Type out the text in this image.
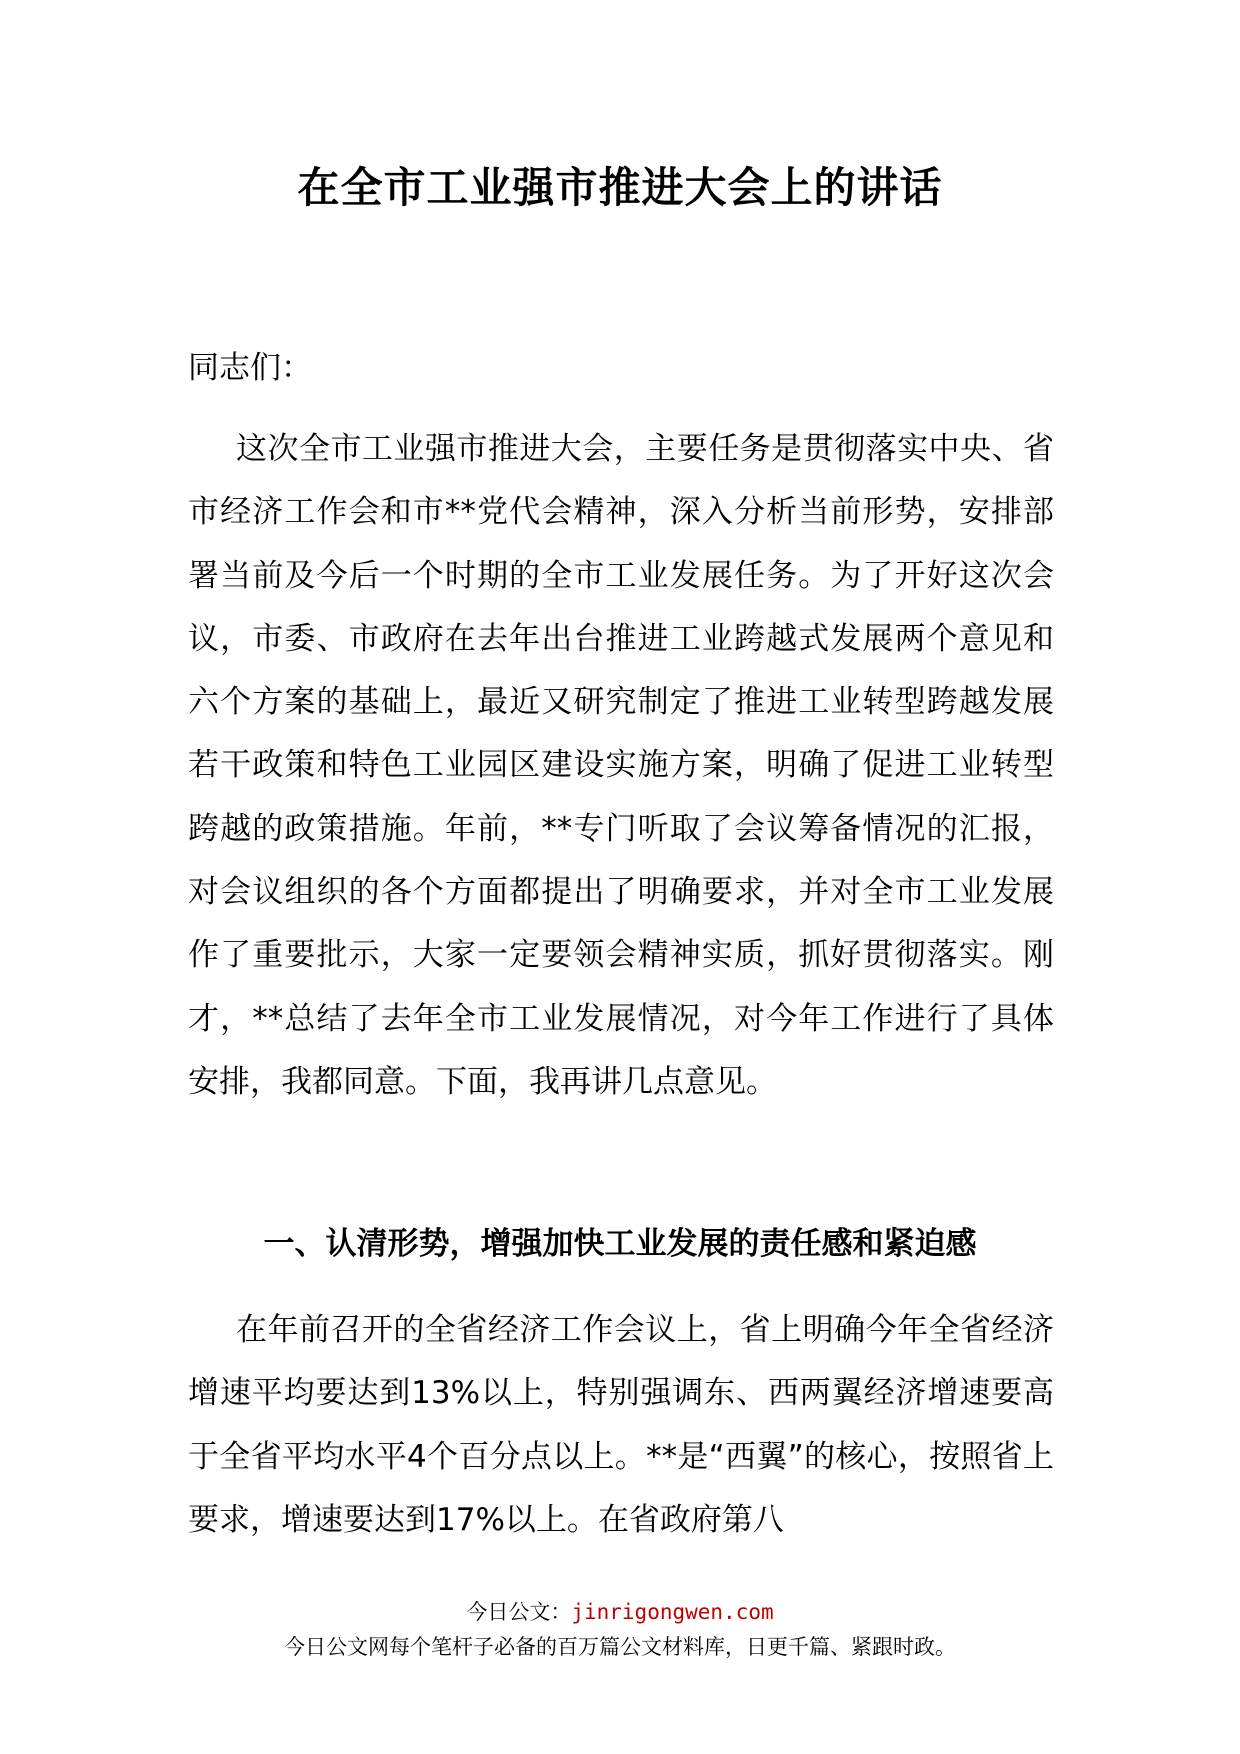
在全市工业强市推进大会上的讲话
同志们：

这次全市工业强市推进大会，主要任务是贯彻落实中央、省市经济工作会和市**党代会精神，深入分析当前形势，安排部署当前及今后一个时期的全市工业发展任务。为了开好这次会议，市委、市政府在去年出台推进工业跨越式发展两个意见和六个方案的基础上，最近又研究制定了推进工业转型跨越发展若干政策和特色工业园区建设实施方案，明确了促进工业转型跨越的政策措施。年前，**专门听取了会议筹备情况的汇报，对会议组织的各个方面都提出了明确要求，并对全市工业发展作了重要批示，大家一定要领会精神实质，抓好贯彻落实。刚才，**总结了去年全市工业发展情况，对今年工作进行了具体安排，我都同意。下面，我再讲几点意见。

一、认清形势，增强加快工业发展的责任感和紧迫感

在年前召开的全省经济工作会议上，省上明确今年全省经济增速平均要达到13%以上，特别强调东、西两翼经济增速要高于全省平均水平4个百分点以上。**是“西翼”的核心，按照省上要求，增速要达到17%以上。在省政府第八

今日公文：jinrigongwen.com
今日公文网每个笔杆子必备的百万篇公文材料库，日更千篇、紧跟时政。
